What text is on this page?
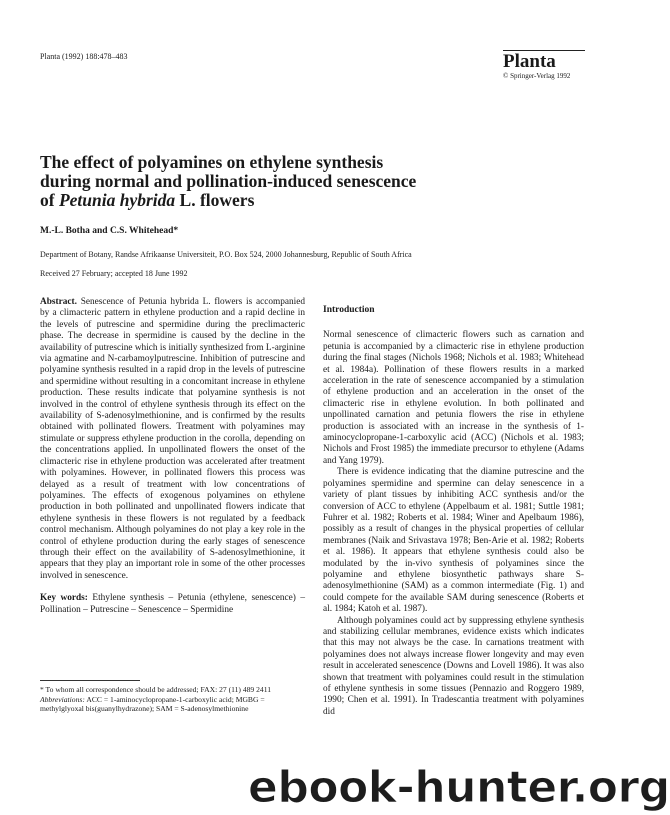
Planta (1992) 188:478–483	Planta
© Springer-Verlag 1992
The effect of polyamines on ethylene synthesis
during normal and pollination-induced senescence
of Petunia hybrida L. flowers
M.-L. Botha and C.S. Whitehead*
Department of Botany, Randse Afrikaanse Universiteit, P.O. Box 524, 2000 Johannesburg, Republic of South Africa
Received 27 February; accepted 18 June 1992

Abstract. Senescence of Petunia hybrida L. flowers is accompanied by a climacteric pattern in ethylene production and a rapid decline in the levels of putrescine and spermidine during the preclimacteric phase. The decrease in spermidine is caused by the decline in the availability of putrescine which is initially synthesized from L-arginine via agmatine and N-carbamoylputrescine. Inhibition of putrescine and polyamine synthesis resulted in a rapid drop in the levels of putrescine and spermidine without resulting in a concomitant increase in ethylene production. These results indicate that polyamine synthesis is not involved in the control of ethylene synthesis through its effect on the availability of S-adenosylmethionine, and is confirmed by the results obtained with pollinated flowers. Treatment with polyamines may stimulate or suppress ethylene production in the corolla, depending on the concentrations applied. In unpollinated flowers the onset of the climacteric rise in ethylene production was accelerated after treatment with polyamines. However, in pollinated flowers this process was delayed as a result of treatment with low concentrations of polyamines. The effects of exogenous polyamines on ethylene production in both pollinated and unpollinated flowers indicate that ethylene synthesis in these flowers is not regulated by a feedback control mechanism. Although polyamines do not play a key role in the control of ethylene production during the early stages of senescence through their effect on the availability of S-adenosylmethionine, it appears that they play an important role in some of the other processes involved in senescence.

Key words: Ethylene synthesis – Petunia (ethylene, senescence) – Pollination – Putrescine – Senescence – Spermidine

* To whom all correspondence should be addressed; FAX: 27 (11) 489 2411

Abbreviations: ACC = 1-aminocyclopropane-1-carboxylic acid; MGBG = methylglyoxal bis(guanylhydrazone); SAM = S-adenosylmethionine

Introduction

Normal senescence of climacteric flowers such as carnation and petunia is accompanied by a climacteric rise in ethylene production during the final stages (Nichols 1968; Nichols et al. 1983; Whitehead et al. 1984a). Pollination of these flowers results in a marked acceleration in the rate of senescence accompanied by a stimulation of ethylene production and an acceleration in the onset of the climacteric rise in ethylene evolution. In both pollinated and unpollinated carnation and petunia flowers the rise in ethylene production is associated with an increase in the synthesis of 1-aminocyclopropane-1-carboxylic acid (ACC) (Nichols et al. 1983; Nichols and Frost 1985) the immediate precursor to ethylene (Adams and Yang 1979).

There is evidence indicating that the diamine putrescine and the polyamines spermidine and spermine can delay senescence in a variety of plant tissues by inhibiting ACC synthesis and/or the conversion of ACC to ethylene (Appelbaum et al. 1981; Suttle 1981; Fuhrer et al. 1982; Roberts et al. 1984; Winer and Apelbaum 1986), possibly as a result of changes in the physical properties of cellular membranes (Naik and Srivastava 1978; Ben-Arie et al. 1982; Roberts et al. 1986). It appears that ethylene synthesis could also be modulated by the in-vivo synthesis of polyamines since the polyamine and ethylene biosynthetic pathways share S-adenosylmethionine (SAM) as a common intermediate (Fig. 1) and could compete for the available SAM during senescence (Roberts et al. 1984; Katoh et al. 1987).

Although polyamines could act by suppressing ethylene synthesis and stabilizing cellular membranes, evidence exists which indicates that this may not always be the case. In carnations treatment with polyamines does not always increase flower longevity and may even result in accelerated senescence (Downs and Lovell 1986). It was also shown that treatment with polyamines could result in the stimulation of ethylene synthesis in some tissues (Pennazio and Roggero 1989, 1990; Chen et al. 1991). In Tradescantia treatment with polyamines did

ebook-hunter.org
